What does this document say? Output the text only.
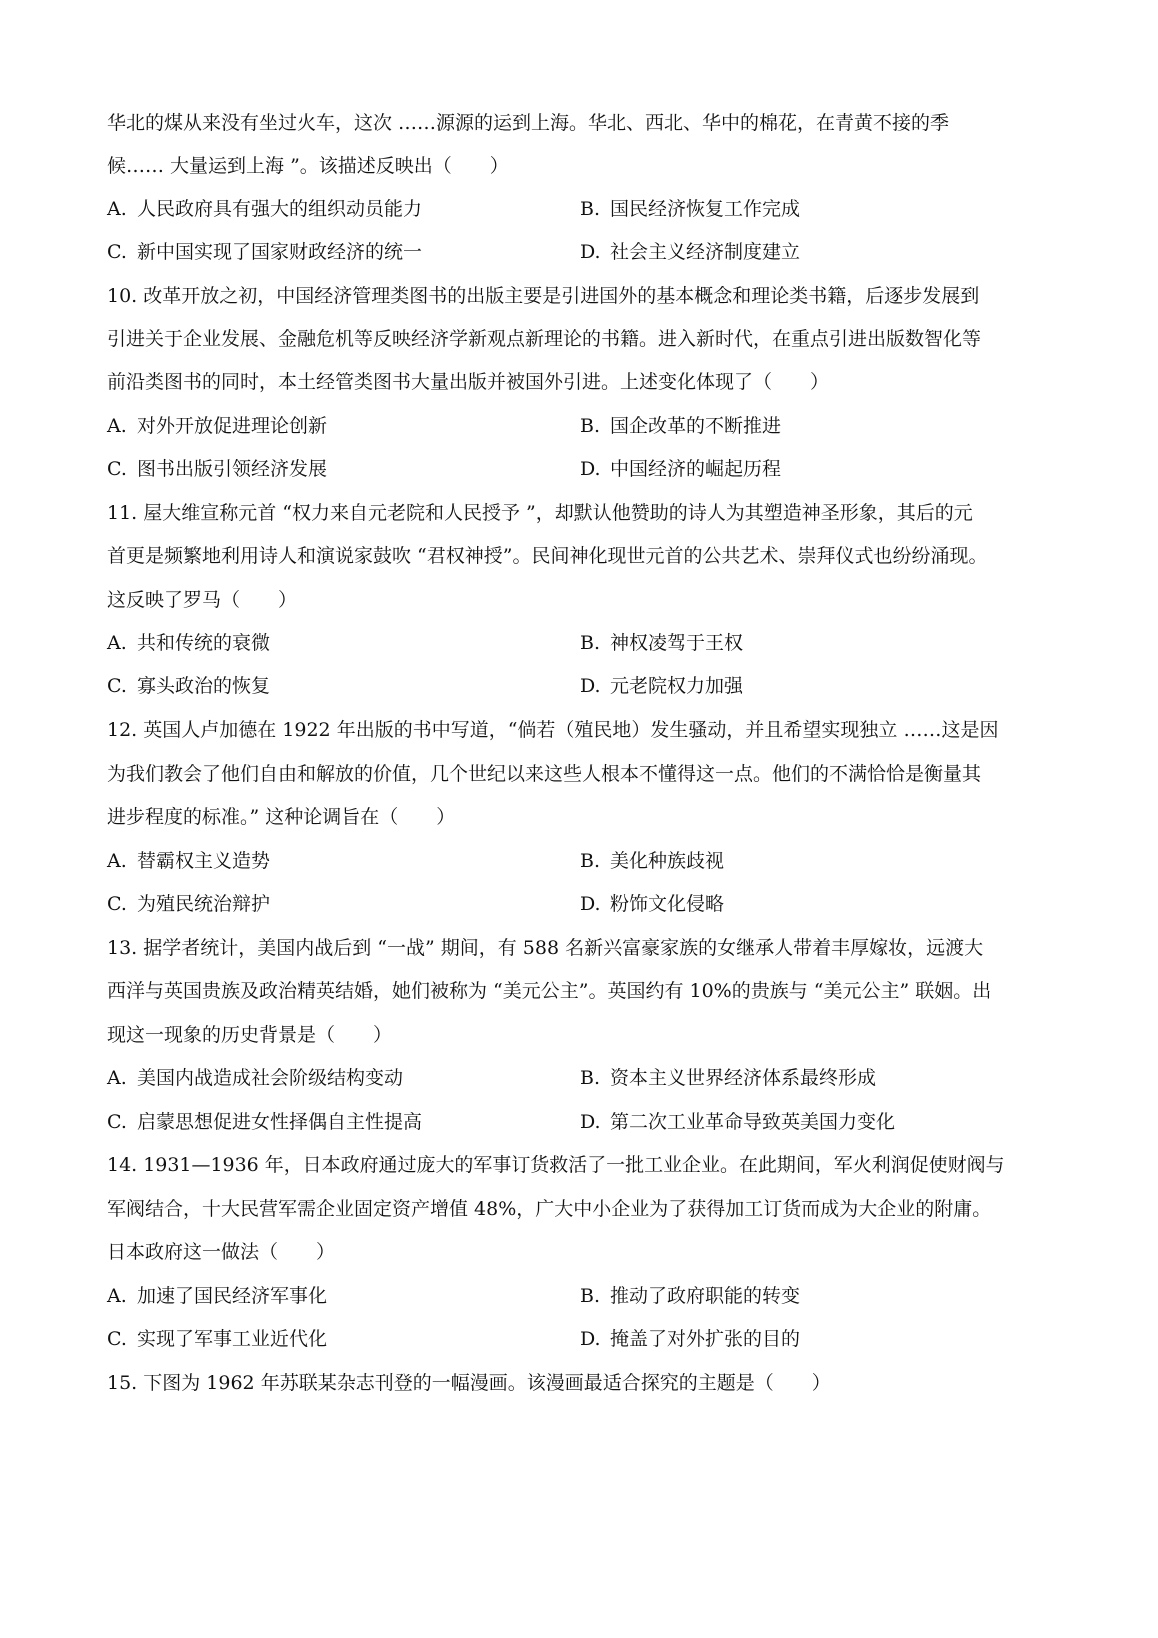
华北的煤从来没有坐过火车，这次 ……源源的运到上海。华北、西北、华中的棉花，在青黄不接的季
候…… 大量运到上海 ”。该描述反映出（　　）
A. 人民政府具有强大的组织动员能力	B. 国民经济恢复工作完成
C. 新中国实现了国家财政经济的统一	D. 社会主义经济制度建立
10. 改革开放之初，中国经济管理类图书的出版主要是引进国外的基本概念和理论类书籍，后逐步发展到
引进关于企业发展、金融危机等反映经济学新观点新理论的书籍。进入新时代，在重点引进出版数智化等
前沿类图书的同时，本土经管类图书大量出版并被国外引进。上述变化体现了（　　）
A. 对外开放促进理论创新	B. 国企改革的不断推进
C. 图书出版引领经济发展	D. 中国经济的崛起历程
11. 屋大维宣称元首 “权力来自元老院和人民授予 ”，却默认他赞助的诗人为其塑造神圣形象，其后的元
首更是频繁地利用诗人和演说家鼓吹 “君权神授”。民间神化现世元首的公共艺术、崇拜仪式也纷纷涌现。
这反映了罗马（　　）
A. 共和传统的衰微	B. 神权凌驾于王权
C. 寡头政治的恢复	D. 元老院权力加强
12. 英国人卢加德在 1922 年出版的书中写道，“倘若（殖民地）发生骚动，并且希望实现独立 ……这是因
为我们教会了他们自由和解放的价值，几个世纪以来这些人根本不懂得这一点。他们的不满恰恰是衡量其
进步程度的标准。” 这种论调旨在（　　）
A. 替霸权主义造势	B. 美化种族歧视
C. 为殖民统治辩护	D. 粉饰文化侵略
13. 据学者统计，美国内战后到 “一战” 期间，有 588 名新兴富豪家族的女继承人带着丰厚嫁妆，远渡大
西洋与英国贵族及政治精英结婚，她们被称为 “美元公主”。英国约有 10%的贵族与 “美元公主” 联姻。出
现这一现象的历史背景是（　　）
A. 美国内战造成社会阶级结构变动	B. 资本主义世界经济体系最终形成
C. 启蒙思想促进女性择偶自主性提高	D. 第二次工业革命导致英美国力变化
14. 1931—1936 年，日本政府通过庞大的军事订货救活了一批工业企业。在此期间，军火利润促使财阀与
军阀结合，十大民营军需企业固定资产增值 48%，广大中小企业为了获得加工订货而成为大企业的附庸。
日本政府这一做法（　　）
A. 加速了国民经济军事化	B. 推动了政府职能的转变
C. 实现了军事工业近代化	D. 掩盖了对外扩张的目的
15. 下图为 1962 年苏联某杂志刊登的一幅漫画。该漫画最适合探究的主题是（　　）
